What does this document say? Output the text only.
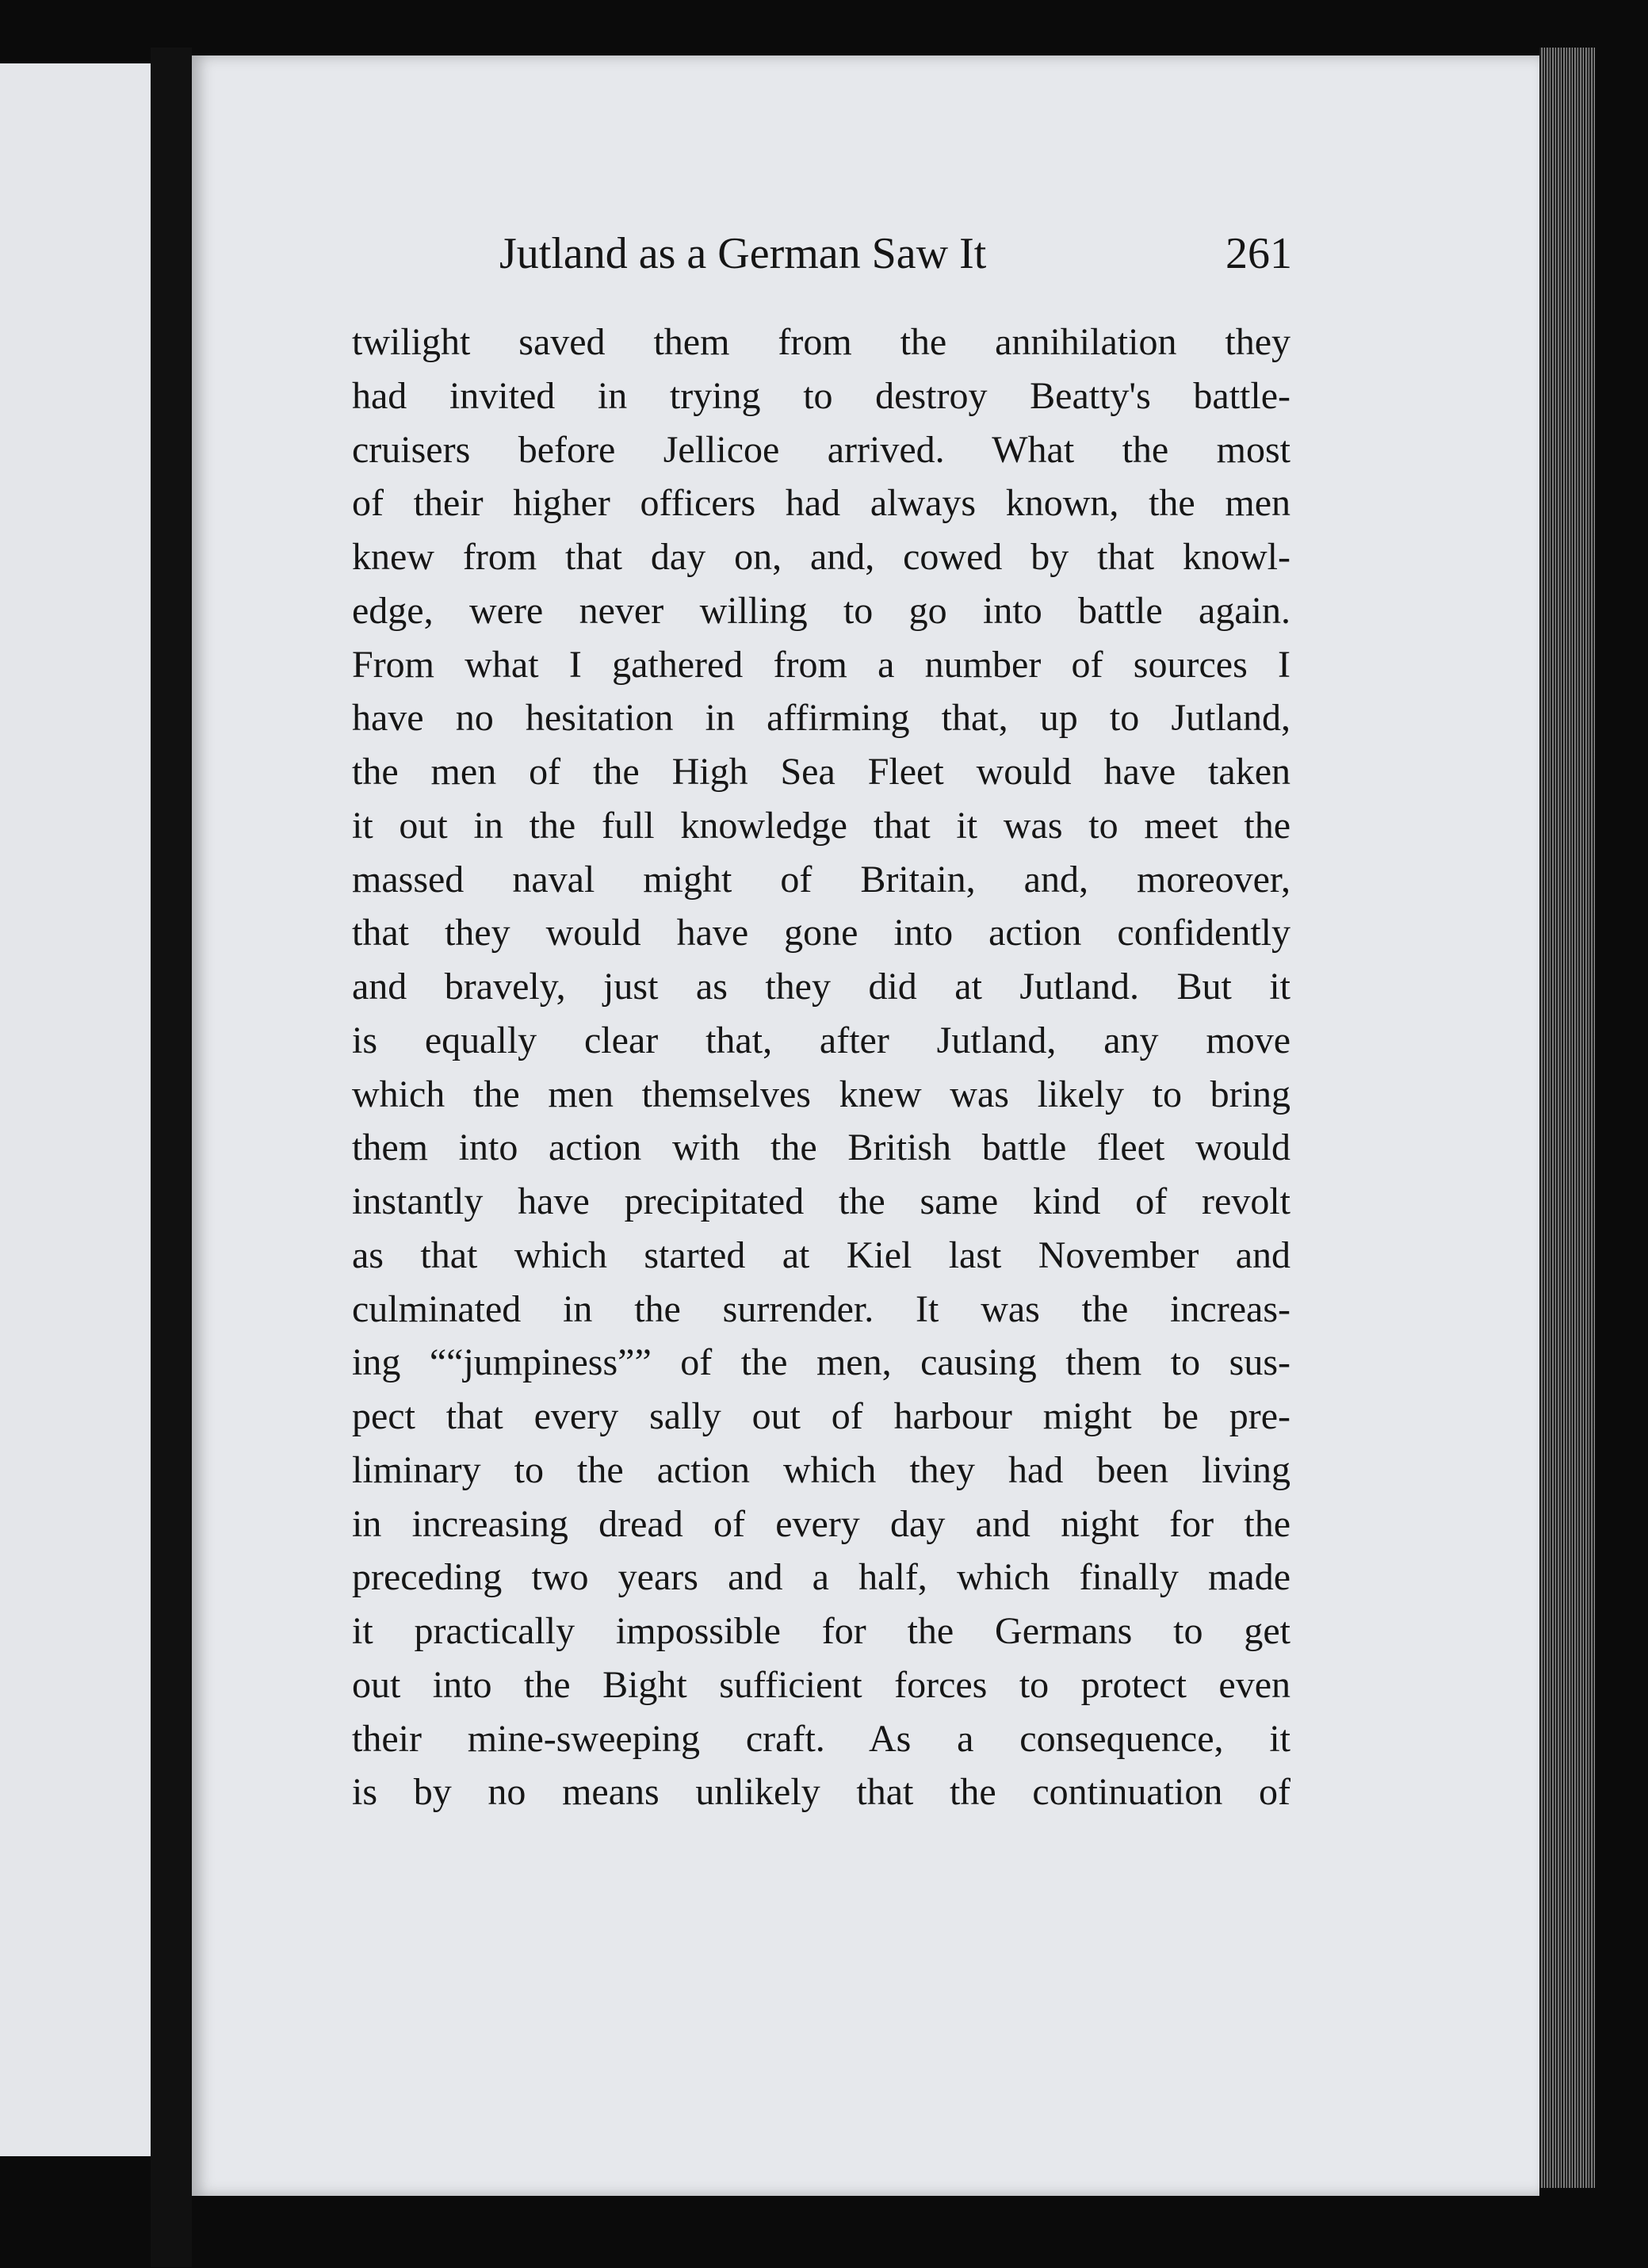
Jutland as a German Saw It	261
twilight saved them from the annihilation they
had invited in trying to destroy Beatty's battle-
cruisers before Jellicoe arrived. What the most
of their higher officers had always known, the men
knew from that day on, and, cowed by that knowl-
edge, were never willing to go into battle again.
From what I gathered from a number of sources I
have no hesitation in affirming that, up to Jutland,
the men of the High Sea Fleet would have taken
it out in the full knowledge that it was to meet the
massed naval might of Britain, and, moreover,
that they would have gone into action confidently
and bravely, just as they did at Jutland. But it
is equally clear that, after Jutland, any move
which the men themselves knew was likely to bring
them into action with the British battle fleet would
instantly have precipitated the same kind of revolt
as that which started at Kiel last November and
culminated in the surrender. It was the increas-
ing ““jumpiness”” of the men, causing them to sus-
pect that every sally out of harbour might be pre-
liminary to the action which they had been living
in increasing dread of every day and night for the
preceding two years and a half, which finally made
it practically impossible for the Germans to get
out into the Bight sufficient forces to protect even
their mine-sweeping craft. As a consequence, it
is by no means unlikely that the continuation of
